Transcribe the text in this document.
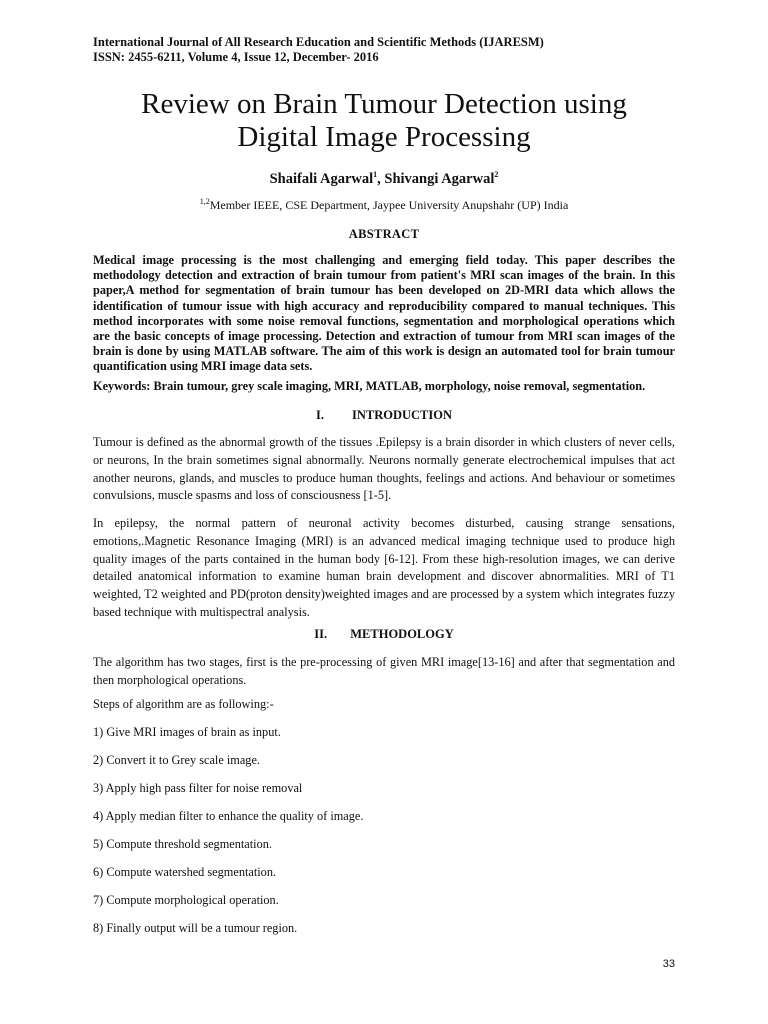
International Journal of All Research Education and Scientific Methods (IJARESM)
ISSN: 2455-6211, Volume 4, Issue 12, December- 2016
Review on Brain Tumour Detection using
Digital Image Processing
Shaifali Agarwal$^1$, Shivangi Agarwal$^2$
$^{1,2}$Member IEEE, CSE Department, Jaypee University Anupshahr (UP) India
ABSTRACT
Medical image processing is the most challenging and emerging field today. This paper describes the methodology detection and extraction of brain tumour from patient's MRI scan images of the brain. In this paper,A method for segmentation of brain tumour has been developed on 2D-MRI data which allows the identification of tumour issue with high accuracy and reproducibility compared to manual techniques. This method incorporates with some noise removal functions, segmentation and morphological operations which are the basic concepts of image processing. Detection and extraction of tumour from MRI scan images of the brain is done by using MATLAB software. The aim of this work is design an automated tool for brain tumour quantification using MRI image data sets.
Keywords: Brain tumour, grey scale imaging, MRI, MATLAB, morphology, noise removal, segmentation.
I. INTRODUCTION
Tumour is defined as the abnormal growth of the tissues .Epilepsy is a brain disorder in which clusters of never cells, or neurons, In the brain sometimes signal abnormally. Neurons normally generate electrochemical impulses that act another neurons, glands, and muscles to produce human thoughts, feelings and actions. And behaviour or sometimes convulsions, muscle spasms and loss of consciousness [1-5].
In epilepsy, the normal pattern of neuronal activity becomes disturbed, causing strange sensations, emotions,.Magnetic Resonance Imaging (MRI) is an advanced medical imaging technique used to produce high quality images of the parts contained in the human body [6-12]. From these high-resolution images, we can derive detailed anatomical information to examine human brain development and discover abnormalities. MRI of T1 weighted, T2 weighted and PD(proton density)weighted images and are processed by a system which integrates fuzzy based technique with multispectral analysis.
II. METHODOLOGY
The algorithm has two stages, first is the pre-processing of given MRI image[13-16] and after that segmentation and then morphological operations.
Steps of algorithm are as following:-
1) Give MRI images of brain as input.
2) Convert it to Grey scale image.
3) Apply high pass filter for noise removal
4) Apply median filter to enhance the quality of image.
5) Compute threshold segmentation.
6) Compute watershed segmentation.
7) Compute morphological operation.
8) Finally output will be a tumour region.
33
